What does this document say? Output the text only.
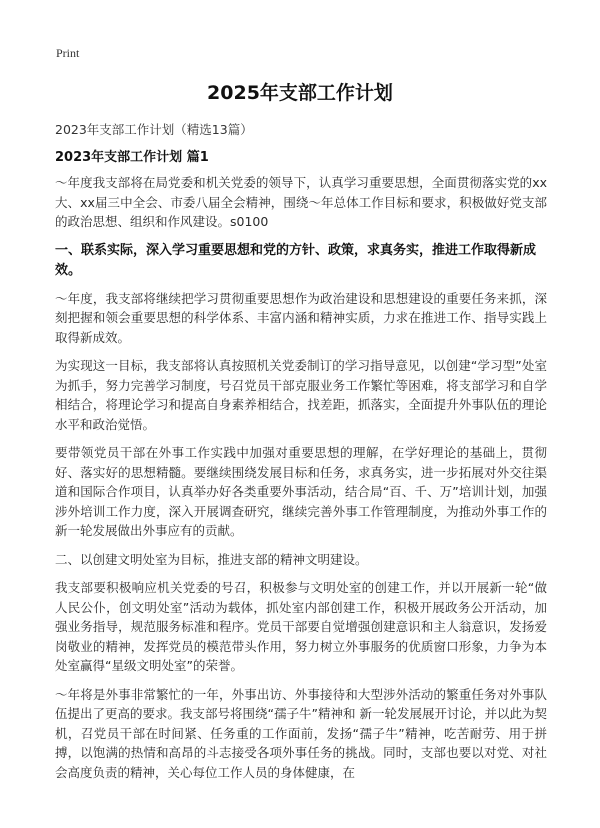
Print
2025年支部工作计划

2023年支部工作计划（精选13篇）

2023年支部工作计划 篇1

～年度我支部将在局党委和机关党委的领导下，认真学习重要思想，全面贯彻落实党的xx大、xx届三中全会、市委八届全会精神，围绕～年总体工作目标和要求，积极做好党支部的政治思想、组织和作风建设。s0100

一、联系实际，深入学习重要思想和党的方针、政策，求真务实，推进工作取得新成效。

～年度，我支部将继续把学习贯彻重要思想作为政治建设和思想建设的重要任务来抓，深刻把握和领会重要思想的科学体系、丰富内涵和精神实质，力求在推进工作、指导实践上取得新成效。

为实现这一目标，我支部将认真按照机关党委制订的学习指导意见，以创建“学习型”处室为抓手，努力完善学习制度，号召党员干部克服业务工作繁忙等困难，将支部学习和自学相结合，将理论学习和提高自身素养相结合，找差距，抓落实，全面提升外事队伍的理论水平和政治觉悟。

要带领党员干部在外事工作实践中加强对重要思想的理解，在学好理论的基础上，贯彻好、落实好的思想精髓。要继续围绕发展目标和任务，求真务实，进一步拓展对外交往渠道和国际合作项目，认真举办好各类重要外事活动，结合局“百、千、万”培训计划，加强涉外培训工作力度，深入开展调查研究，继续完善外事工作管理制度，为推动外事工作的新一轮发展做出外事应有的贡献。

二、以创建文明处室为目标，推进支部的精神文明建设。

我支部要积极响应机关党委的号召，积极参与文明处室的创建工作，并以开展新一轮“做人民公仆，创文明处室”活动为载体，抓处室内部创建工作，积极开展政务公开活动，加强业务指导，规范服务标准和程序。党员干部要自觉增强创建意识和主人翁意识，发扬爱岗敬业的精神，发挥党员的模范带头作用，努力树立外事服务的优质窗口形象，力争为本处室赢得“星级文明处室”的荣誉。

～年将是外事非常繁忙的一年，外事出访、外事接待和大型涉外活动的繁重任务对外事队伍提出了更高的要求。我支部号将围绕“孺子牛”精神和 新一轮发展展开讨论，并以此为契机，召党员干部在时间紧、任务重的工作面前，发扬“孺子牛”精神，吃苦耐劳、用于拼搏，以饱满的热情和高昂的斗志接受各项外事任务的挑战。同时，支部也要以对党、对社会高度负责的精神，关心每位工作人员的身体健康，在
